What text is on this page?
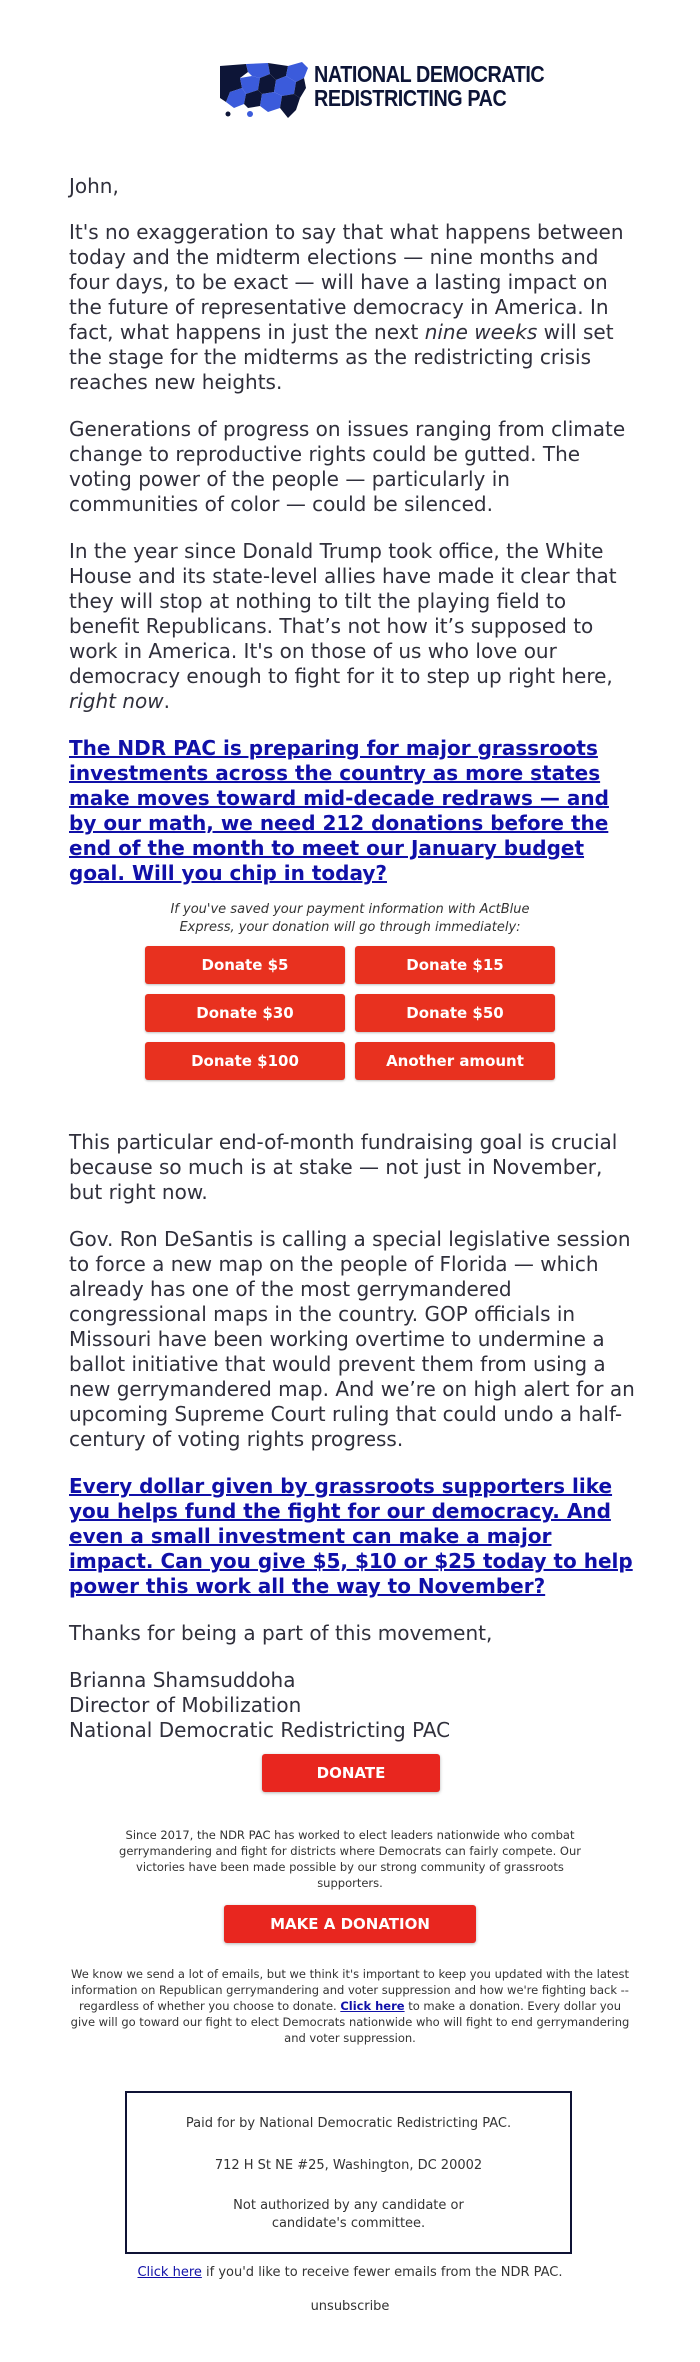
NATIONAL DEMOCRATIC
REDISTRICTING PAC

John,

It's no exaggeration to say that what happens between today and the midterm elections — nine months and four days, to be exact — will have a lasting impact on the future of representative democracy in America. In fact, what happens in just the next nine weeks will set the stage for the midterms as the redistricting crisis reaches new heights.

Generations of progress on issues ranging from climate change to reproductive rights could be gutted. The voting power of the people — particularly in communities of color — could be silenced.

In the year since Donald Trump took office, the White House and its state-level allies have made it clear that they will stop at nothing to tilt the playing field to benefit Republicans. That’s not how it’s supposed to work in America. It's on those of us who love our democracy enough to fight for it to step up right here, right now.

The NDR PAC is preparing for major grassroots investments across the country as more states make moves toward mid-decade redraws — and by our math, we need 212 donations before the end of the month to meet our January budget goal. Will you chip in today?
If you've saved your payment information with ActBlue Express, your donation will go through immediately:
Donate $5	Donate $15
Donate $30	Donate $50
Donate $100	Another amount

This particular end-of-month fundraising goal is crucial because so much is at stake — not just in November, but right now.

Gov. Ron DeSantis is calling a special legislative session to force a new map on the people of Florida — which already has one of the most gerrymandered congressional maps in the country. GOP officials in Missouri have been working overtime to undermine a ballot initiative that would prevent them from using a new gerrymandered map. And we’re on high alert for an upcoming Supreme Court ruling that could undo a half-century of voting rights progress.

Every dollar given by grassroots supporters like you helps fund the fight for our democracy. And even a small investment can make a major impact. Can you give $5, $10 or $25 today to help power this work all the way to November?

Thanks for being a part of this movement,

Brianna Shamsuddoha
Director of Mobilization
National Democratic Redistricting PAC
DONATE
Since 2017, the NDR PAC has worked to elect leaders nationwide who combat gerrymandering and fight for districts where Democrats can fairly compete. Our victories have been made possible by our strong community of grassroots supporters.
MAKE A DONATION
We know we send a lot of emails, but we think it's important to keep you updated with the latest information on Republican gerrymandering and voter suppression and how we're fighting back -- regardless of whether you choose to donate. Click here to make a donation. Every dollar you give will go toward our fight to elect Democrats nationwide who will fight to end gerrymandering and voter suppression.
Paid for by National Democratic Redistricting PAC.
712 H St NE #25, Washington, DC 20002
Not authorized by any candidate or candidate's committee.
Click here if you'd like to receive fewer emails from the NDR PAC.
unsubscribe
